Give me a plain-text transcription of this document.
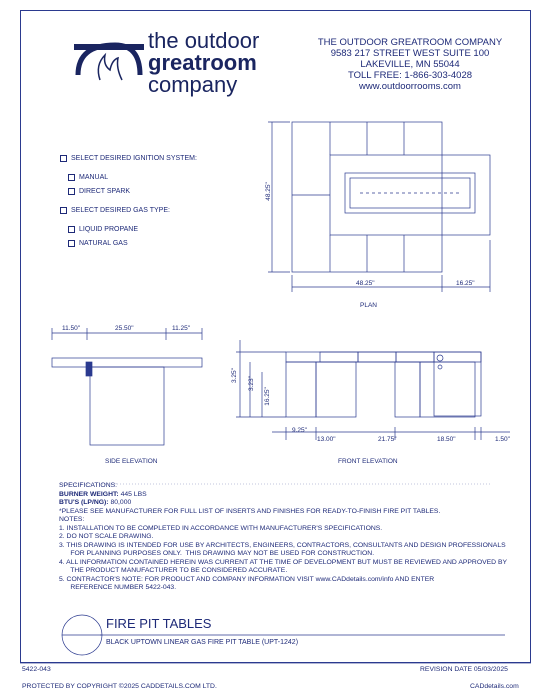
the outdoor
greatroom
company
THE OUTDOOR GREATROOM COMPANY
9583 217 STREET WEST SUITE 100
LAKEVILLE, MN 55044
TOLL FREE: 1-866-303-4028
www.outdoorrooms.com
SELECT DESIRED IGNITION SYSTEM:
MANUAL
DIRECT SPARK
SELECT DESIRED GAS TYPE:
LIQUID PROPANE
NATURAL GAS
48.25"
48.25"	16.25"
PLAN
11.50"	25.50"	11.25"
SIDE ELEVATION
3.25"
3.23"
16.25"
9.25"
13.00"	21.75"	18.50"	1.50"
FRONT ELEVATION
SPECIFICATIONS:
BURNER WEIGHT: 445 LBS
BTU'S (LP/NG): 80,000
*PLEASE SEE MANUFACTURER FOR FULL LIST OF INSERTS AND FINISHES FOR READY-TO-FINISH FIRE PIT TABLES.
NOTES:
1. INSTALLATION TO BE COMPLETED IN ACCORDANCE WITH MANUFACTURER'S SPECIFICATIONS.
2. DO NOT SCALE DRAWING.
3. THIS DRAWING IS INTENDED FOR USE BY ARCHITECTS, ENGINEERS, CONTRACTORS, CONSULTANTS AND DESIGN PROFESSIONALS
FOR PLANNING PURPOSES ONLY.  THIS DRAWING MAY NOT BE USED FOR CONSTRUCTION.
4. ALL INFORMATION CONTAINED HEREIN WAS CURRENT AT THE TIME OF DEVELOPMENT BUT MUST BE REVIEWED AND APPROVED BY
THE PRODUCT MANUFACTURER TO BE CONSIDERED ACCURATE.
5. CONTRACTOR'S NOTE: FOR PRODUCT AND COMPANY INFORMATION VISIT www.CADdetails.com/info AND ENTER
REFERENCE NUMBER 5422-043.
FIRE PIT TABLES
BLACK UPTOWN LINEAR GAS FIRE PIT TABLE (UPT-1242)
5422-043	REVISION DATE 05/03/2025
PROTECTED BY COPYRIGHT ©2025 CADDETAILS.COM LTD.	CADdetails.com
